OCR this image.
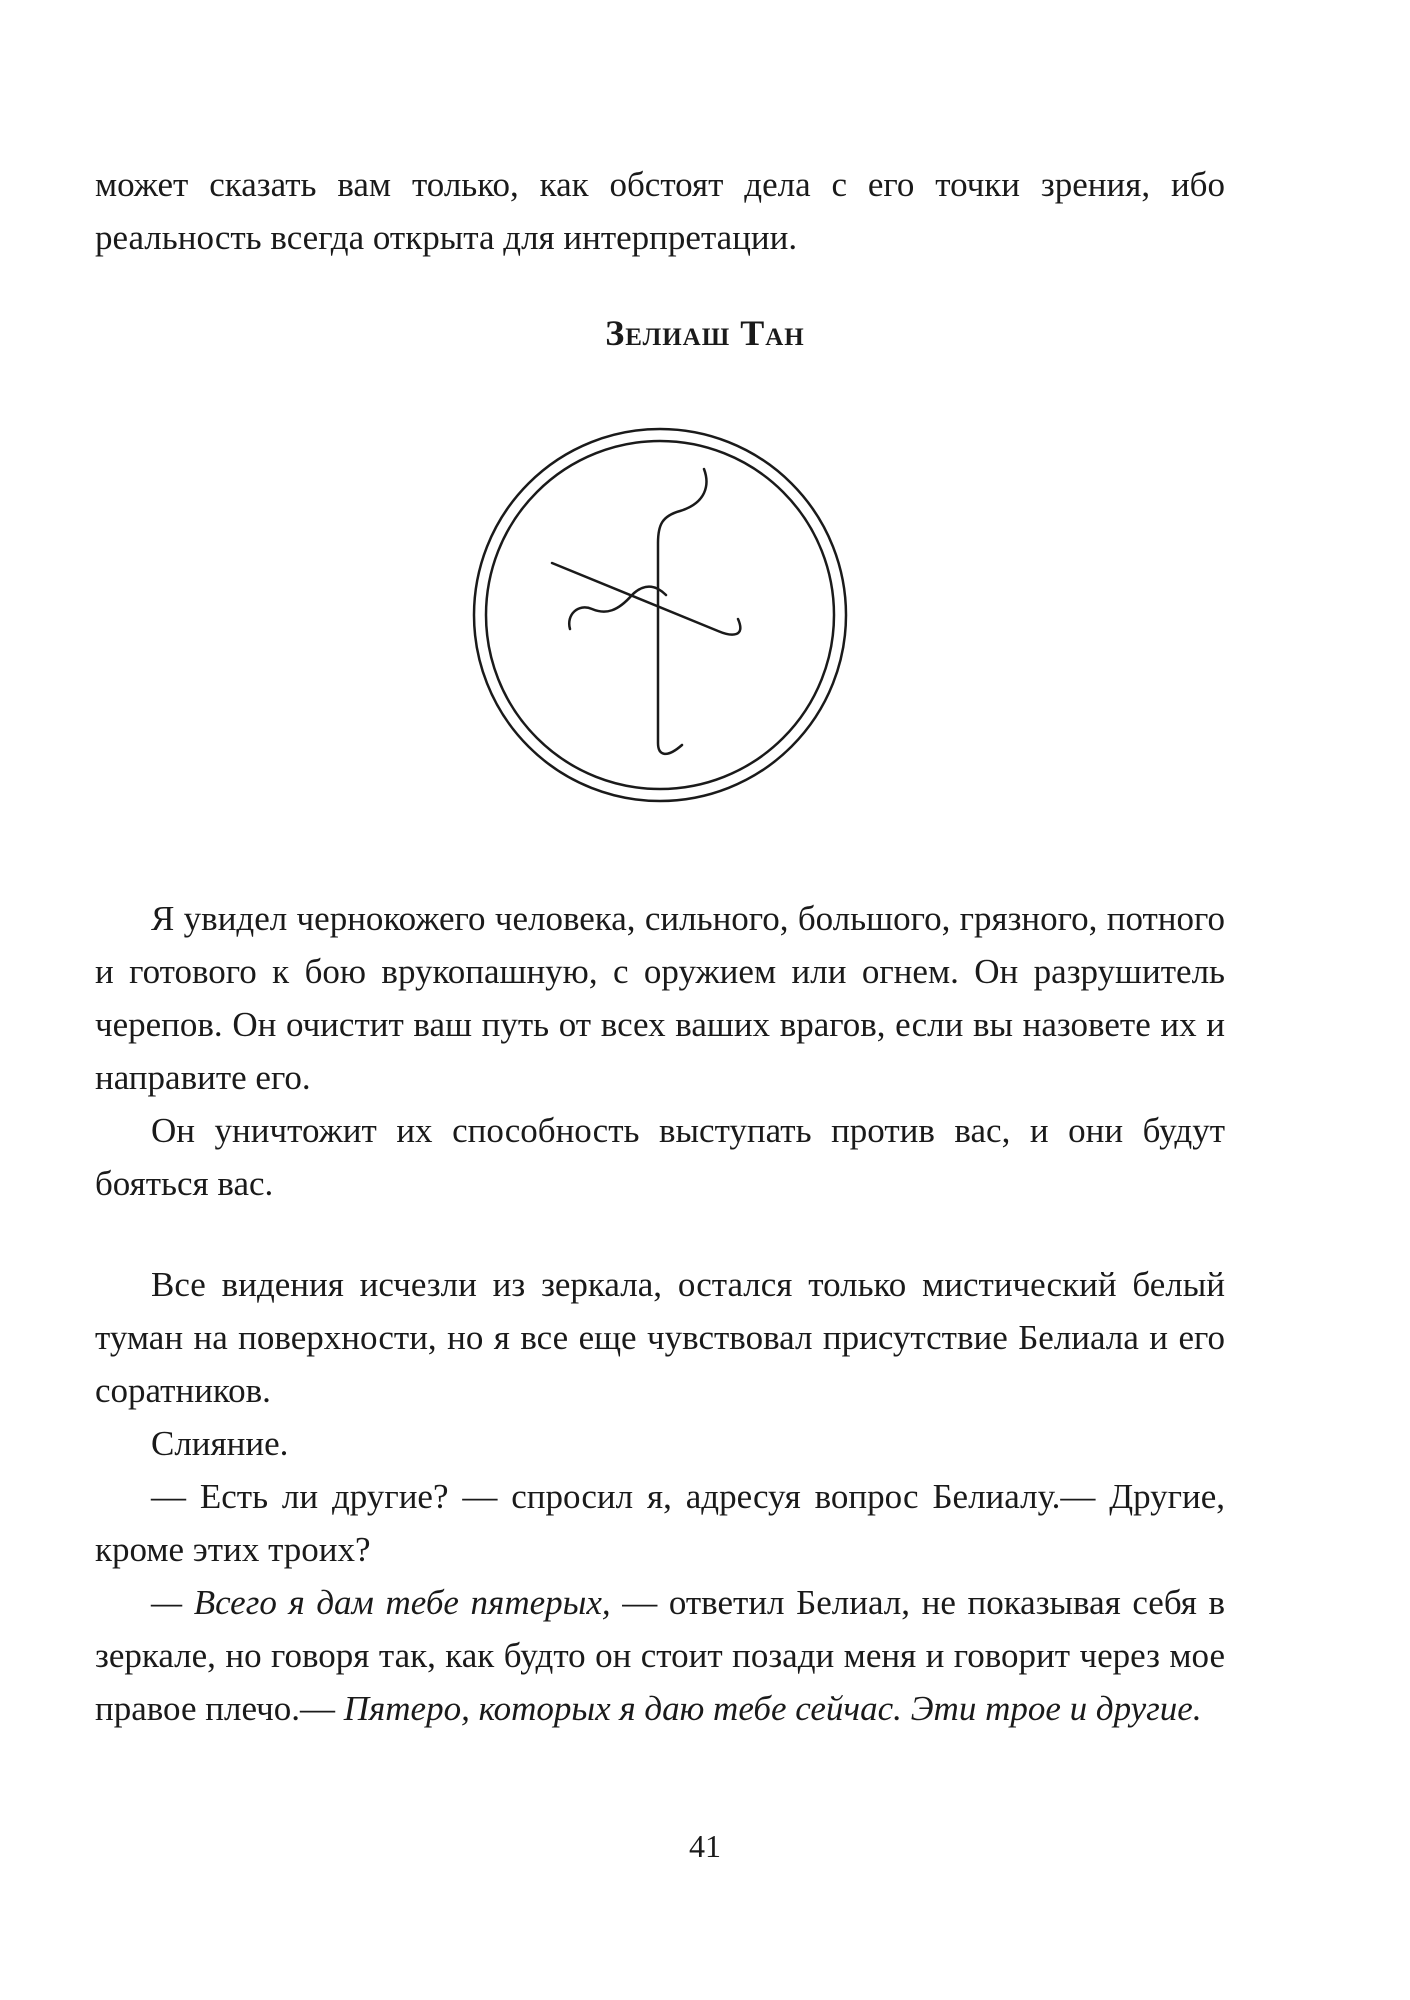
может сказать вам только, как обстоят дела с его точки зрения, ибо

реальность всегда открыта для интерпретации.

Зелиаш Тан

Я увидел чернокожего человека, сильного, большого, грязного, потного и готового к бою врукопашную, с оружием или огнем. Он разрушитель черепов. Он очистит ваш путь от всех ваших врагов, если вы назовете их и направите его.

Он уничтожит их способность выступать против вас, и они будут бояться вас.

Все видения исчезли из зеркала, остался только мистический белый туман на поверхности, но я все еще чувствовал присутствие Белиала и его соратников.

Слияние.

— Есть ли другие? — спросил я, адресуя вопрос Белиалу.— Другие, кроме этих троих?

— Всего я дам тебе пятерых, — ответил Белиал, не показывая себя в зеркале, но говоря так, как будто он стоит позади меня и говорит через мое правое плечо.— Пятеро, которых я даю тебе сейчас. Эти трое и другие.

41
